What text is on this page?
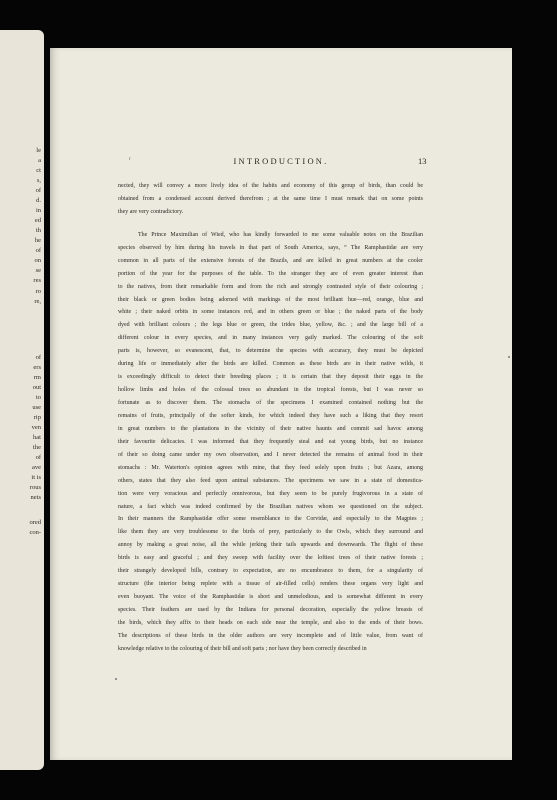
le

a

ct

s,

of

d.

in

ed

th

he

of

on

se

res

ro

re,

of

ers

rm

out

to

use

rip

ven

hat

the

of

ave

it is

rous

nets

ored

con-

r	INTRODUCTION.	13

nected, they will convey a more lively idea of the habits and economy of this group of birds, than could be
obtained from a condensed account derived therefrom ; at the same time I must remark that on some points
they are very contradictory.

The Prince Maximilian of Wied, who has kindly forwarded to me some valuable notes on the Brazilian
species observed by him during his travels in that part of South America, says, “ The Ramphastidæ are very
common in all parts of the extensive forests of the Brazils, and are killed in great numbers at the cooler
portion of the year for the purposes of the table. To the stranger they are of even greater interest than
to the natives, from their remarkable form and from the rich and strongly contrasted style of their colouring ;
their black or green bodies being adorned with markings of the most brilliant hue—red, orange, blue and
white ; their naked orbits in some instances red, and in others green or blue ; the naked parts of the body
dyed with brilliant colours ; the legs blue or green, the irides blue, yellow, &c. ; and the large bill of a
different colour in every species, and in many instances very gaily marked. The colouring of the soft
parts is, however, so evanescent, that, to determine the species with accuracy, they must be depicted
during life or immediately after the birds are killed. Common as these birds are in their native wilds, it
is exceedingly difficult to detect their breeding places ; it is certain that they deposit their eggs in the
hollow limbs and holes of the colossal trees so abundant in the tropical forests, but I was never so
fortunate as to discover them. The stomachs of the specimens I examined contained nothing but the
remains of fruits, principally of the softer kinds, for which indeed they have such a liking that they resort
in great numbers to the plantations in the vicinity of their native haunts and commit sad havoc among
their favourite delicacies. I was informed that they frequently steal and eat young birds, but no instance
of their so doing came under my own observation, and I never detected the remains of animal food in their
stomachs : Mr. Waterton's opinion agrees with mine, that they feed solely upon fruits ; but Azara, among
others, states that they also feed upon animal substances. The specimens we saw in a state of domestica-
tion were very voracious and perfectly omnivorous, but they seem to be purely frugivorous in a state of
nature, a fact which was indeed confirmed by the Brazilian natives whom we questioned on the subject.
In their manners the Ramphastidæ offer some resemblance to the Corvidæ, and especially to the Magpies ;
like them they are very troublesome to the birds of prey, particularly to the Owls, which they surround and
annoy by making a great noise, all the while jerking their tails upwards and downwards. The flight of these
birds is easy and graceful ; and they sweep with facility over the loftiest trees of their native forests ;
their strangely developed bills, contrary to expectation, are no encumbrance to them, for a singularity of
structure (the interior being replete with a tissue of air-filled cells) renders these organs very light and
even buoyant. The voice of the Ramphastidæ is short and unmelodious, and is somewhat different in every
species. Their feathers are used by the Indians for personal decoration, especially the yellow breasts of
the birds, which they affix to their heads on each side near the temple, and also to the ends of their bows.
The descriptions of these birds in the older authors are very incomplete and of little value, from want of
knowledge relative to the colouring of their bill and soft parts ; nor have they been correctly described in
